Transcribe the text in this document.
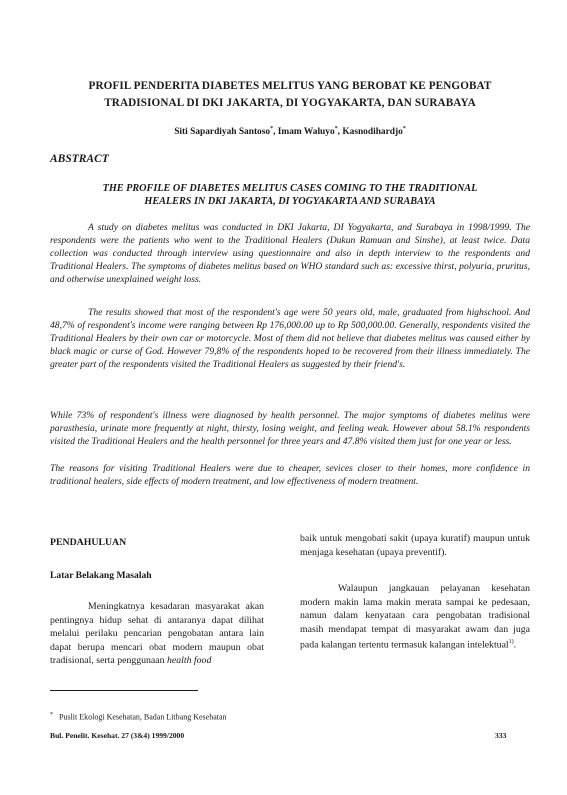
PROFIL PENDERITA DIABETES MELITUS YANG BEROBAT KE PENGOBAT
TRADISIONAL DI DKI JAKARTA, DI YOGYAKARTA, DAN SURABAYA
Siti Sapardiyah Santoso*, Imam Waluyo*, Kasnodihardjo*
ABSTRACT
THE PROFILE OF DIABETES MELITUS CASES COMING TO THE TRADITIONAL
HEALERS IN DKI JAKARTA, DI YOGYAKARTA AND SURABAYA
A study on diabetes melitus was conducted in DKI Jakarta, DI Yogyakarta, and Surabaya in 1998/1999. The respondents were the patients who went to the Traditional Healers (Dukun Ramuan and Sinshe), at least twice. Data collection was conducted through interview using questionnaire and also in depth interview to the respondents and Traditional Healers. The symptoms of diabetes melitus based on WHO standard such as: excessive thirst, polyuria, pruritus, and otherwise unexplained weight loss.
The results showed that most of the respondent's age were 50 years old, male, graduated from highschool. And 48,7% of respondent's income were ranging between Rp 176,000.00 up to Rp 500,000.00. Generally, respondents visited the Traditional Healers by their own car or motorcycle. Most of them did not believe that diabetes melitus was caused either by black magic or curse of God. However 79,8% of the respondents hoped to be recovered from their illness immediately. The greater part of the respondents visited the Traditional Healers as suggested by their friend's.
While 73% of respondent's illness were diagnosed by health personnel. The major symptoms of diabetes melitus were parasthesia, urinate more frequently at night, thirsty, losing weight, and feeling weak. However about 58.1% respondents visited the Traditional Healers and the health personnel for three years and 47.8% visited them just for one year or less.
The reasons for visiting Traditional Healers were due to cheaper, sevices closer to their homes, more confidence in traditional healers, side effects of modern treatment, and low effectiveness of modern treatment.
PENDAHULUAN
Latar Belakang Masalah
Meningkatnya kesadaran masyarakat akan pentingnya hidup sehat di antaranya dapat dilihat melalui perilaku pencarian pengobatan antara lain dapat berupa mencari obat modern maupun obat tradisional, serta penggunaan health food
baik untuk mengobati sakit (upaya kuratif) maupun untuk menjaga kesehatan (upaya preventif).
Walaupun jangkauan pelayanan kesehatan modern makin lama makin merata sampai ke pedesaan, namun dalam kenyataan cara pengobatan tradisional masih mendapat tempat di masyarakat awam dan juga pada kalangan tertentu termasuk kalangan intelektual$^{1)}$.
* Puslit Ekologi Kesehatan, Badan Litbang Kesehatan
Bul. Penelit. Kesehat. 27 (3&4) 1999/2000	333
